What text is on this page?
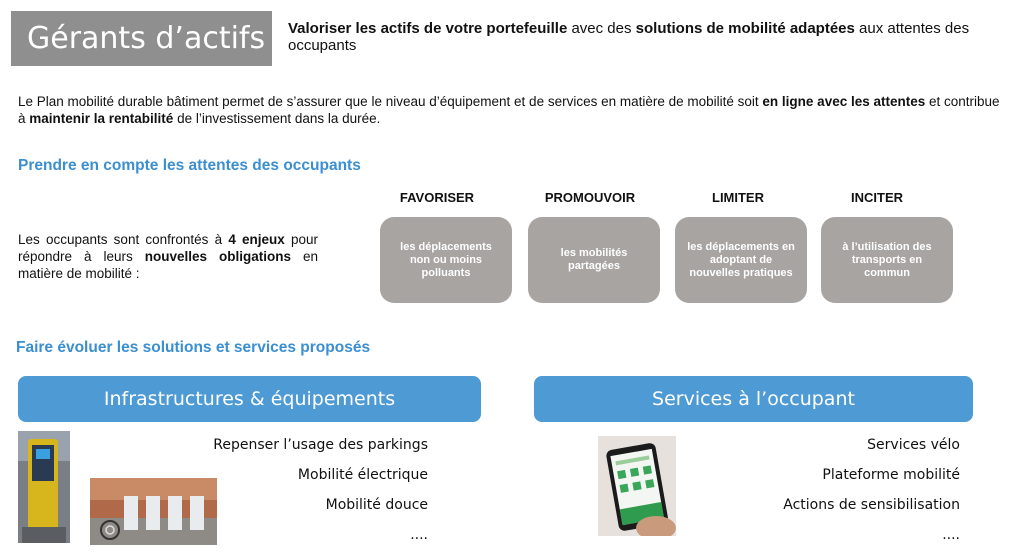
Gérants d’actifs	Valoriser les actifs de votre portefeuille avec des solutions de mobilité adaptées aux attentes des occupants
Le Plan mobilité durable bâtiment permet de s’assurer que le niveau d’équipement et de services en matière de mobilité soit en ligne avec les attentes et contribue à maintenir la rentabilité de l’investissement dans la durée.
Prendre en compte les attentes des occupants
Les occupants sont confrontés à 4 enjeux pour répondre à leurs nouvelles obligations en matière de mobilité :
FAVORISER	PROMOUVOIR	LIMITER	INCITER
les déplacements non ou moins polluants
les mobilités partagées
les déplacements en adoptant de nouvelles pratiques
à l’utilisation des transports en commun
Faire évoluer les solutions et services proposés
Infrastructures & équipements	Services à l’occupant
Repenser l’usage des parkings
Mobilité électrique
Mobilité douce
....
Services vélo
Plateforme mobilité
Actions de sensibilisation
....
